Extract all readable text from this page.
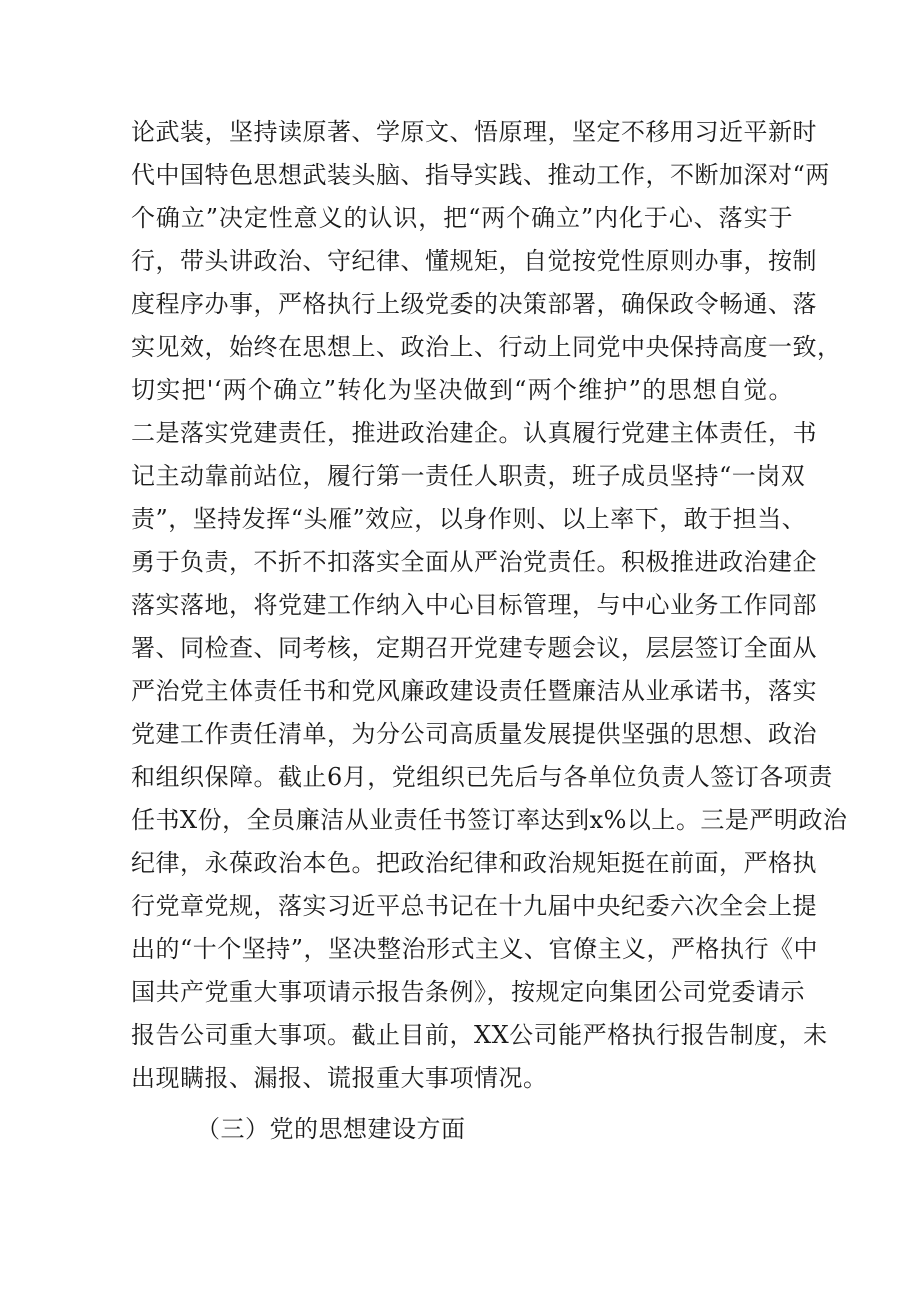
论武装，坚持读原著、学原文、悟原理，坚定不移用习近平新时
代中国特色思想武装头脑、指导实践、推动工作，不断加深对“两
个确立”决定性意义的认识，把“两个确立”内化于心、落实于
行，带头讲政治、守纪律、懂规矩，自觉按党性原则办事，按制
度程序办事，严格执行上级党委的决策部署，确保政令畅通、落
实见效，始终在思想上、政治上、行动上同党中央保持高度一致，
切实把'‘两个确立”转化为坚决做到“两个维护”的思想自觉。
二是落实党建责任，推进政治建企。认真履行党建主体责任，书
记主动靠前站位，履行第一责任人职责，班子成员坚持“一岗双
责”，坚持发挥“头雁”效应，以身作则、以上率下，敢于担当、
勇于负责，不折不扣落实全面从严治党责任。积极推进政治建企
落实落地，将党建工作纳入中心目标管理，与中心业务工作同部
署、同检查、同考核，定期召开党建专题会议，层层签订全面从
严治党主体责任书和党风廉政建设责任暨廉洁从业承诺书，落实
党建工作责任清单，为分公司高质量发展提供坚强的思想、政治
和组织保障。截止6月，党组织已先后与各单位负责人签订各项责
任书X份，全员廉洁从业责任书签订率达到x%以上。三是严明政治
纪律，永葆政治本色。把政治纪律和政治规矩挺在前面，严格执
行党章党规，落实习近平总书记在十九届中央纪委六次全会上提
出的“十个坚持”，坚决整治形式主义、官僚主义，严格执行《中
国共产党重大事项请示报告条例》，按规定向集团公司党委请示
报告公司重大事项。截止目前，XX公司能严格执行报告制度，未
出现瞒报、漏报、谎报重大事项情况。
（三）党的思想建设方面
